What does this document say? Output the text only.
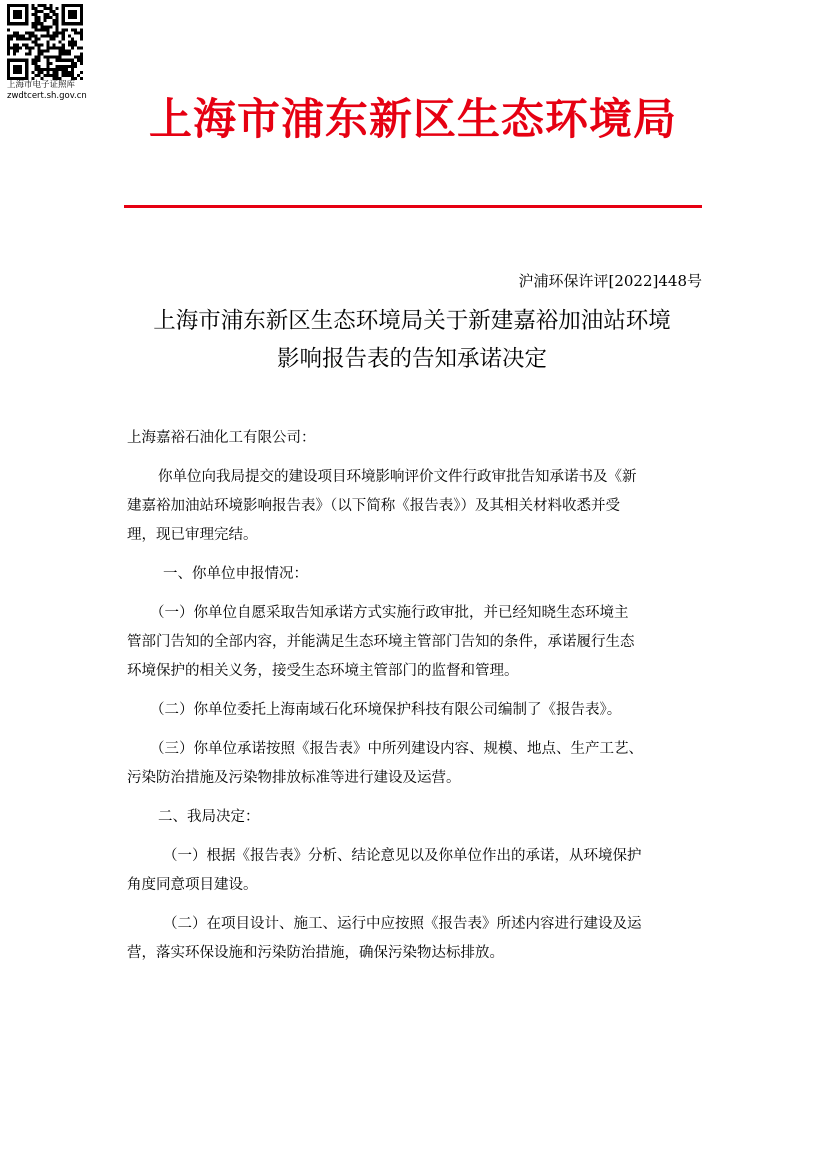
上海市电子证照库
zwdtcert.sh.gov.cn	上海市浦东新区生态环境局
沪浦环保许评[2022]448号
上海市浦东新区生态环境局关于新建嘉裕加油站环境
影响报告表的告知承诺决定
上海嘉裕石油化工有限公司：
你单位向我局提交的建设项目环境影响评价文件行政审批告知承诺书及《新
建嘉裕加油站环境影响报告表》（以下简称《报告表》）及其相关材料收悉并受
理，现已审理完结。
一、你单位申报情况：
（一）你单位自愿采取告知承诺方式实施行政审批，并已经知晓生态环境主
管部门告知的全部内容，并能满足生态环境主管部门告知的条件，承诺履行生态
环境保护的相关义务，接受生态环境主管部门的监督和管理。
（二）你单位委托上海南域石化环境保护科技有限公司编制了《报告表》。
（三）你单位承诺按照《报告表》中所列建设内容、规模、地点、生产工艺、
污染防治措施及污染物排放标准等进行建设及运营。
二、我局决定：
（一）根据《报告表》分析、结论意见以及你单位作出的承诺，从环境保护
角度同意项目建设。
（二）在项目设计、施工、运行中应按照《报告表》所述内容进行建设及运
营，落实环保设施和污染防治措施，确保污染物达标排放。
